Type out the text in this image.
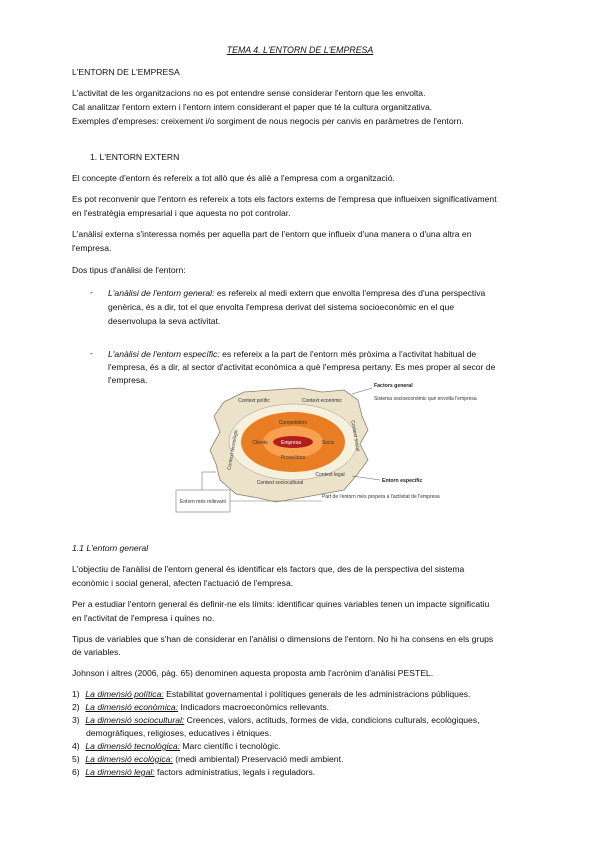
TEMA 4. L'ENTORN DE L'EMPRESA
L'ENTORN DE L'EMPRESA
L'activitat de les organitzacions no es pot entendre sense considerar l'entorn que les envolta.
Cal analitzar l'entorn extern i l'entorn intern considerant el paper que té la cultura organitzativa.
Exemples d'empreses: creixement i/o sorgiment de nous negocis per canvis en paràmetres de l'entorn.
1. L'ENTORN EXTERN
El concepte d'entorn és refereix a tot allò que és aliè a l'empresa com a organització.
Es pot reconvenir que l'entorn es refereix a tots els factors externs de l'empresa que influeixen significativament
en l'estratègia empresarial i que aquesta no pot controlar.
L'anàlisi externa s'interessa només per aquella part de l'entorn que influeix d'una manera o d'una altra en
l'empresa.
Dos tipus d'anàlisi de l'entorn:
- L'anàlisi de l'entorn general: es refereix al medi extern que envolta l'empresa des d'una perspectiva
genèrica, és a dir, tot el que envolta l'empresa derivat del sistema socioeconòmic en el que
desenvolupa la seva activitat.
- L'anàlisi de l'entorn específic: es refereix a la part de l'entorn més pròxima a l'activitat habitual de
l'empresa, és a dir, al sector d'activitat econòmica a què l'empresa pertany. Es mes proper al secor de
l'empresa.
Empresa
Competidors
Proveïdors
Clients	Socis
Context polític	Context econòmic
Context tecnològic	Context social
Context sociocultural
Context legal
Factors general
Sistema socioeconòmic que envolta l'empresa
Entorn específic
Part de l'entorn més propera a l'activitat de l'empresa
Entorn més rellevant
1.1 L'entorn general
L'objectiu de l'anàlisi de l'entorn general és identificar els factors que, des de la perspectiva del sistema
econòmic i social general, afecten l'actuació de l'empresa.
Per a estudiar l'entorn general és definir-ne els límits: identificar quines variables tenen un impacte significatiu
en l'activitat de l'empresa i quines no.
Tipus de variables que s'han de considerar en l'anàlisi o dimensions de l'entorn. No hi ha consens en els grups
de variables.
Johnson i altres (2006, pàg. 65) denominen aquesta proposta amb l'acrònim d'anàlisi PESTEL.
1) La dimensió política: Estabilitat governamental i polítiques generals de les administracions públiques.
2) La dimensió econòmica: Indicadors macroeconòmics rellevants.
3) La dimensió sociocultural: Creences, valors, actituds, formes de vida, condicions culturals, ecològiques,
demogràfiques, religioses, educatives i ètniques.
4) La dimensió tecnològica: Marc científic i tecnològic.
5) La dimensió ecològica: (medi ambiental) Preservació medi ambient.
6) La dimensió legal: factors administratius, legals i reguladors.
